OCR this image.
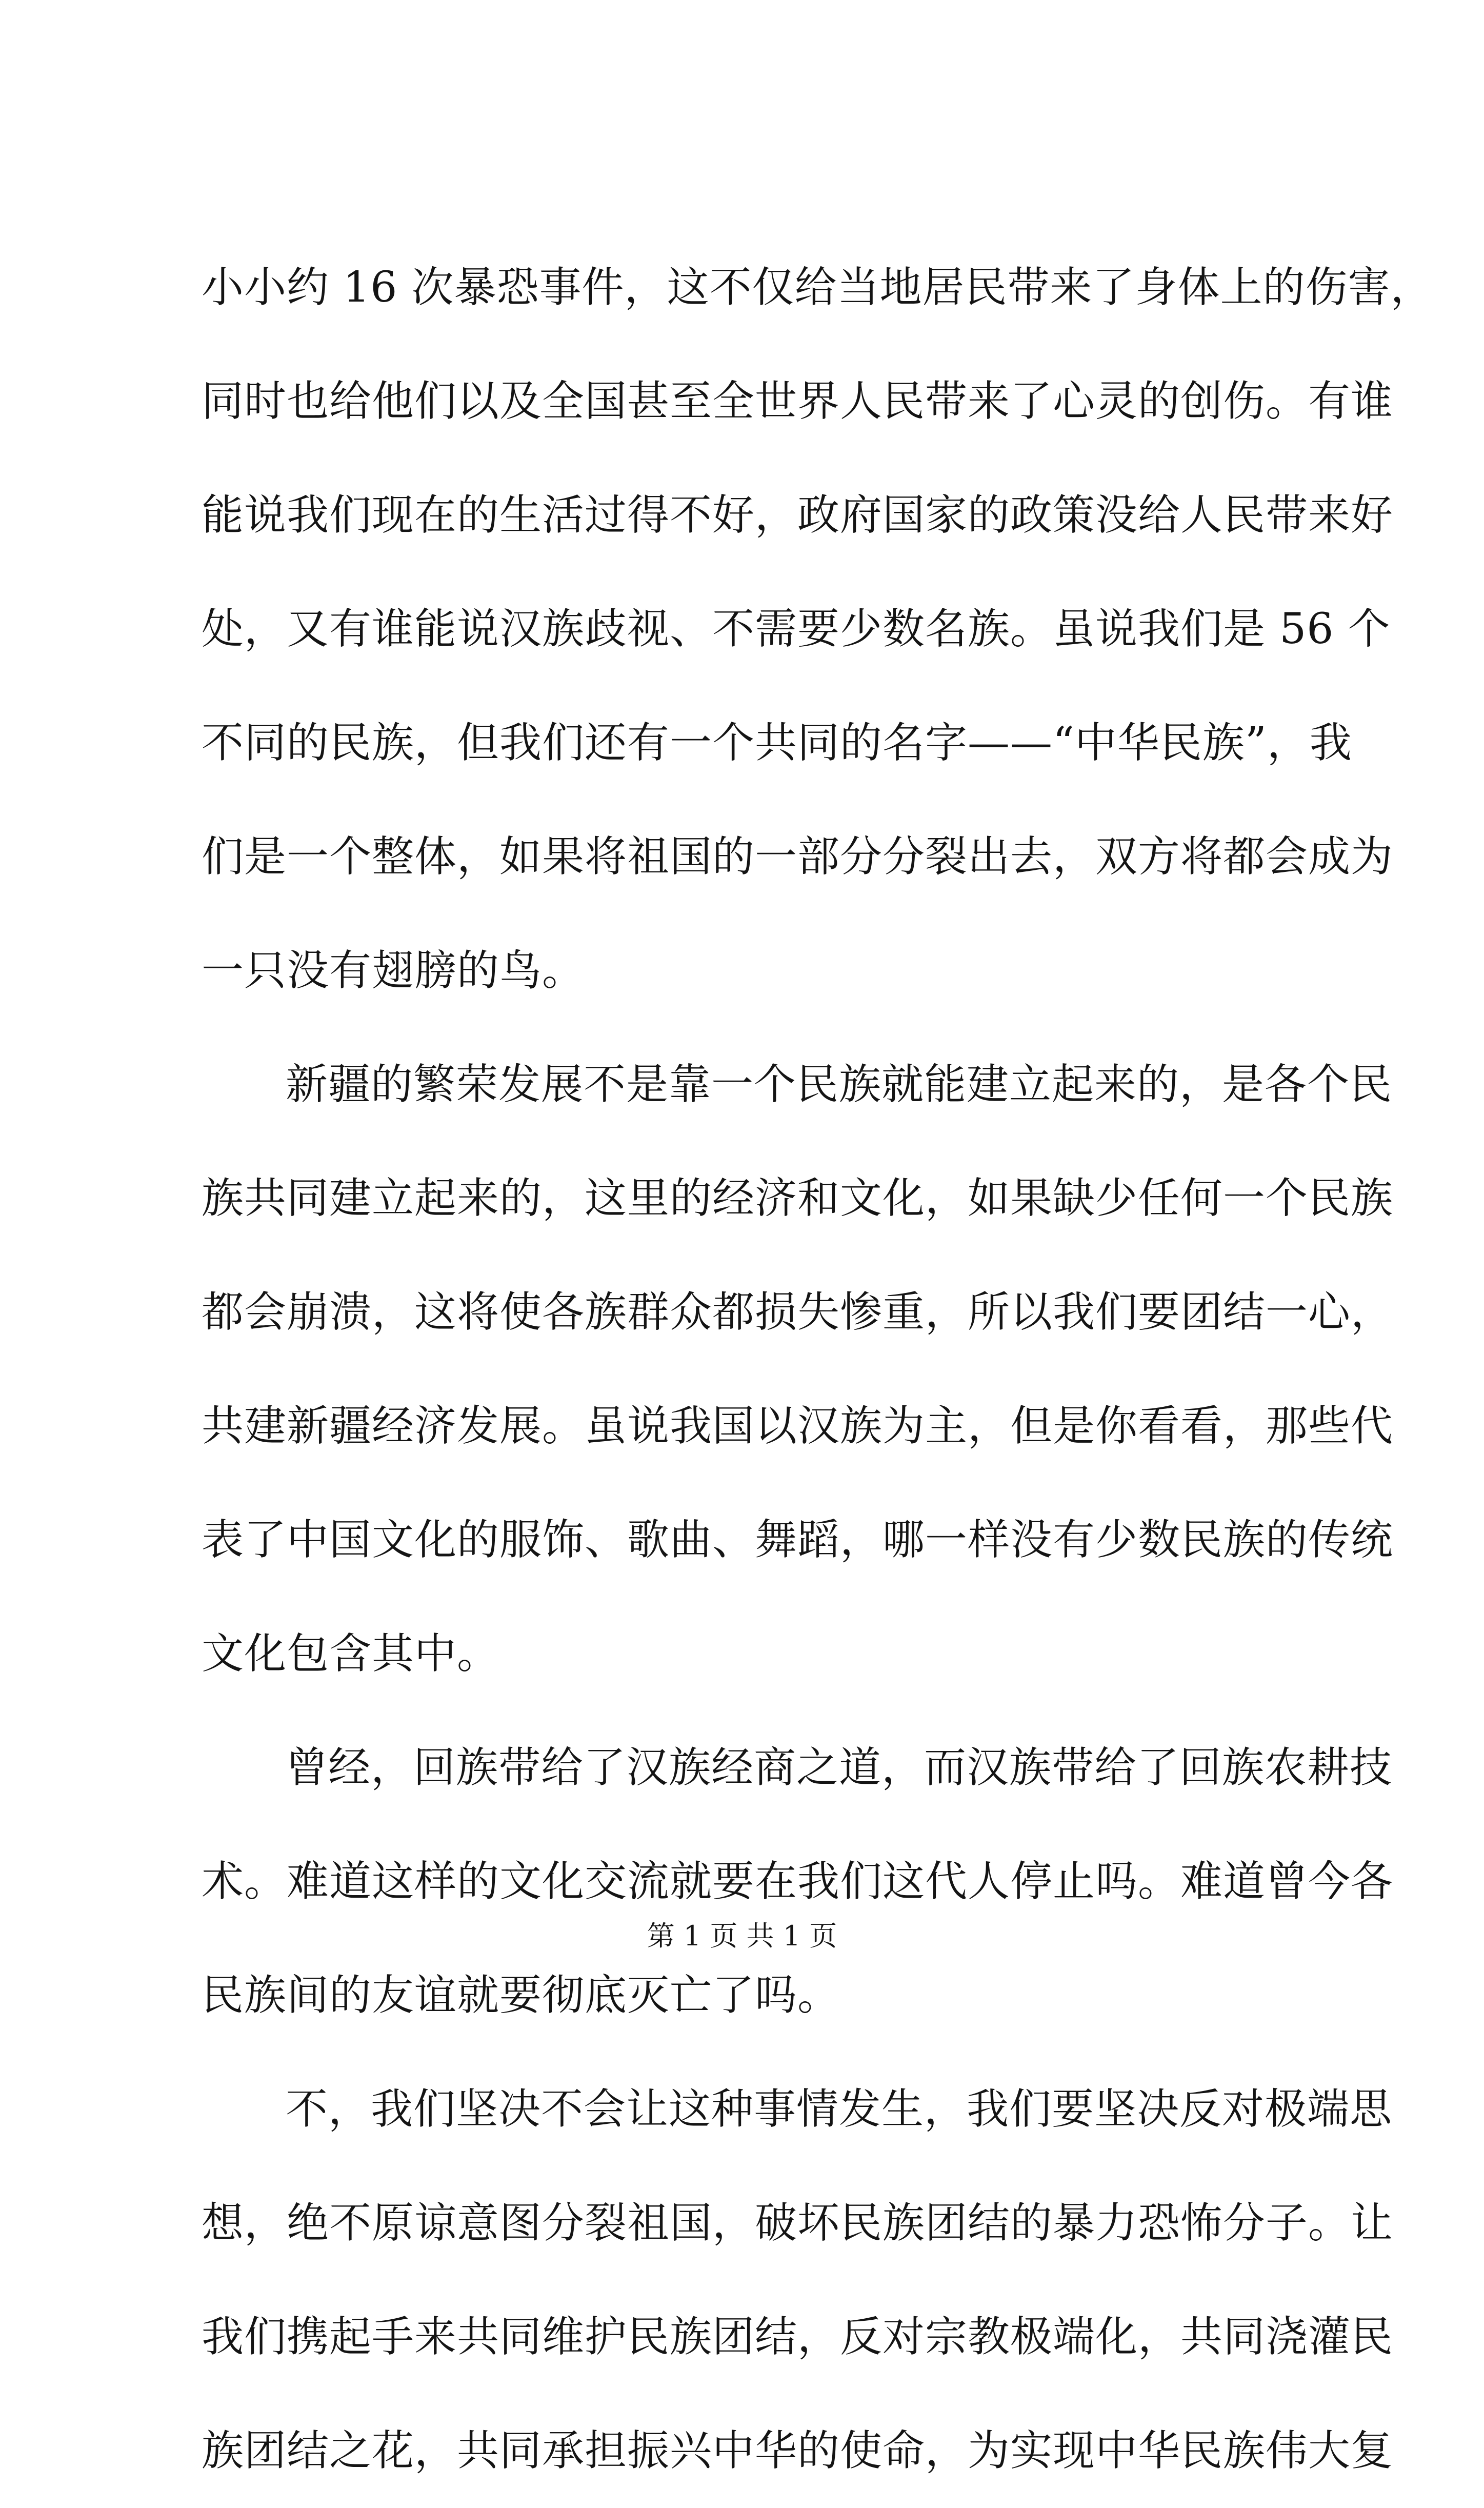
小小约 16 次暴恐事件，这不仅给当地居民带来了身体上的伤害，
同时也给他们以及全国甚至全世界人民带来了心灵的创伤。有谁
能说我们现在的生活过得不好，政府国家的政策没给人民带来好
处，又有谁能说汉族歧视、不需要少数名族。虽说我们是 56 个
不同的民族，但我们还有一个共同的名字——“中华民族”，我
们是一个整体，如果将祖国的一部分分裂出去，双方将都会成为
一只没有翅膀的鸟。
新疆的繁荣发展不是靠一个民族就能建立起来的，是各个民
族共同建立起来的，这里的经济和文化，如果缺少任何一个民族
都会崩溃，这将使各族群众都损失惨重，所以我们要团结一心，
共建新疆经济发展。虽说我国以汉族为主，但是你看看，那些代
表了中国文化的服饰、歌曲、舞蹈，哪一样没有少数民族的传统
文化包含其中。
曾经，回族带给了汉族经商之道，而汉族带给了回族农耕技
术。难道这样的文化交流就要在我们这代人停止吗。难道曾今各
民族间的友谊就要彻底灭亡了吗。
不，我们坚决不会让这种事情发生，我们要坚决反对极端思
想，绝不原谅意图分裂祖国，破坏民族团结的暴力恐怖分子。让
我们携起手来共同维护民族团结，反对宗教极端化，共同浇灌民
族团结之花，共同承担振兴中华的使命，为实现中华民族伟大复
第 1 页 共 1 页
